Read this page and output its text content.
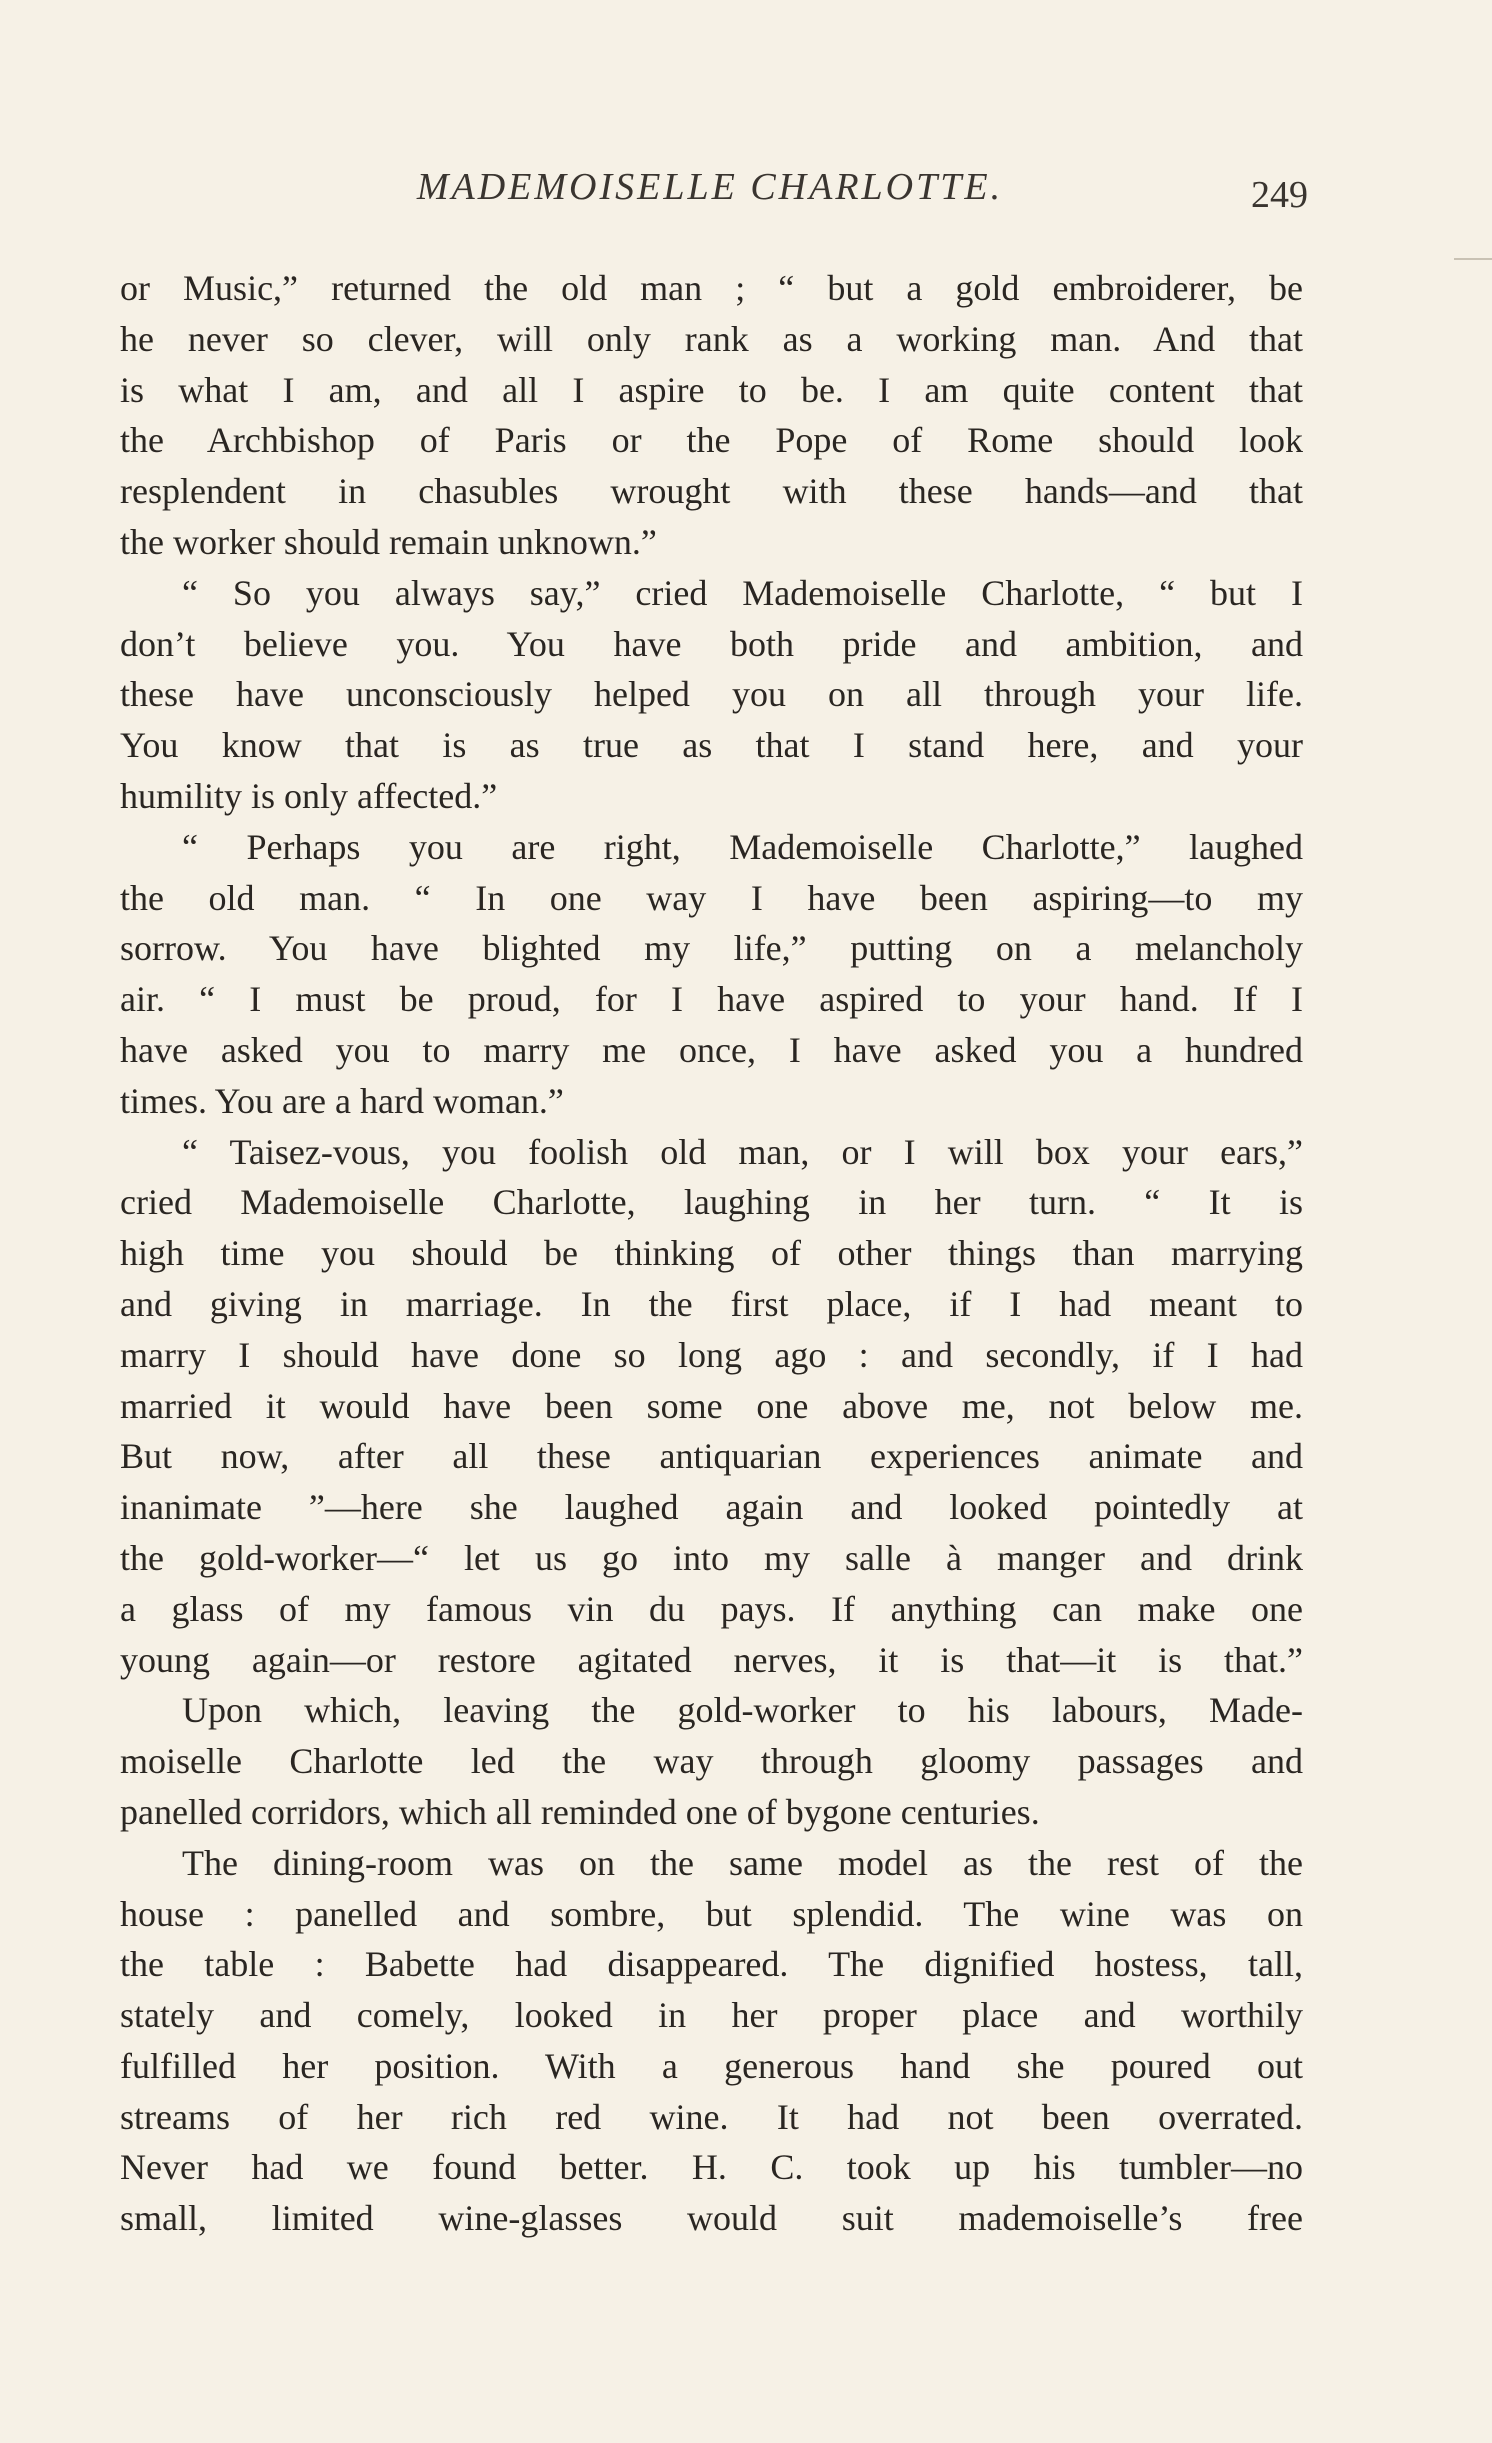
MADEMOISELLE CHARLOTTE.	249
or Music,” returned the old man ; “ but a gold embroiderer, be
he never so clever, will only rank as a working man. And that
is what I am, and all I aspire to be. I am quite content that
the Archbishop of Paris or the Pope of Rome should look
resplendent in chasubles wrought with these hands—and that
the worker should remain unknown.”
“ So you always say,” cried Mademoiselle Charlotte, “ but I
don’t believe you. You have both pride and ambition, and
these have unconsciously helped you on all through your life.
You know that is as true as that I stand here, and your
humility is only affected.”
“ Perhaps you are right, Mademoiselle Charlotte,” laughed
the old man. “ In one way I have been aspiring—to my
sorrow. You have blighted my life,” putting on a melancholy
air. “ I must be proud, for I have aspired to your hand. If I
have asked you to marry me once, I have asked you a hundred
times. You are a hard woman.”
“ Taisez-vous, you foolish old man, or I will box your ears,”
cried Mademoiselle Charlotte, laughing in her turn. “ It is
high time you should be thinking of other things than marrying
and giving in marriage. In the first place, if I had meant to
marry I should have done so long ago : and secondly, if I had
married it would have been some one above me, not below me.
But now, after all these antiquarian experiences animate and
inanimate ”—here she laughed again and looked pointedly at
the gold-worker—“ let us go into my salle à manger and drink
a glass of my famous vin du pays. If anything can make one
young again—or restore agitated nerves, it is that—it is that.”
Upon which, leaving the gold-worker to his labours, Made-
moiselle Charlotte led the way through gloomy passages and
panelled corridors, which all reminded one of bygone centuries.
The dining-room was on the same model as the rest of the
house : panelled and sombre, but splendid. The wine was on
the table : Babette had disappeared. The dignified hostess, tall,
stately and comely, looked in her proper place and worthily
fulfilled her position. With a generous hand she poured out
streams of her rich red wine. It had not been overrated.
Never had we found better. H. C. took up his tumbler—no
small, limited wine-glasses would suit mademoiselle’s free
